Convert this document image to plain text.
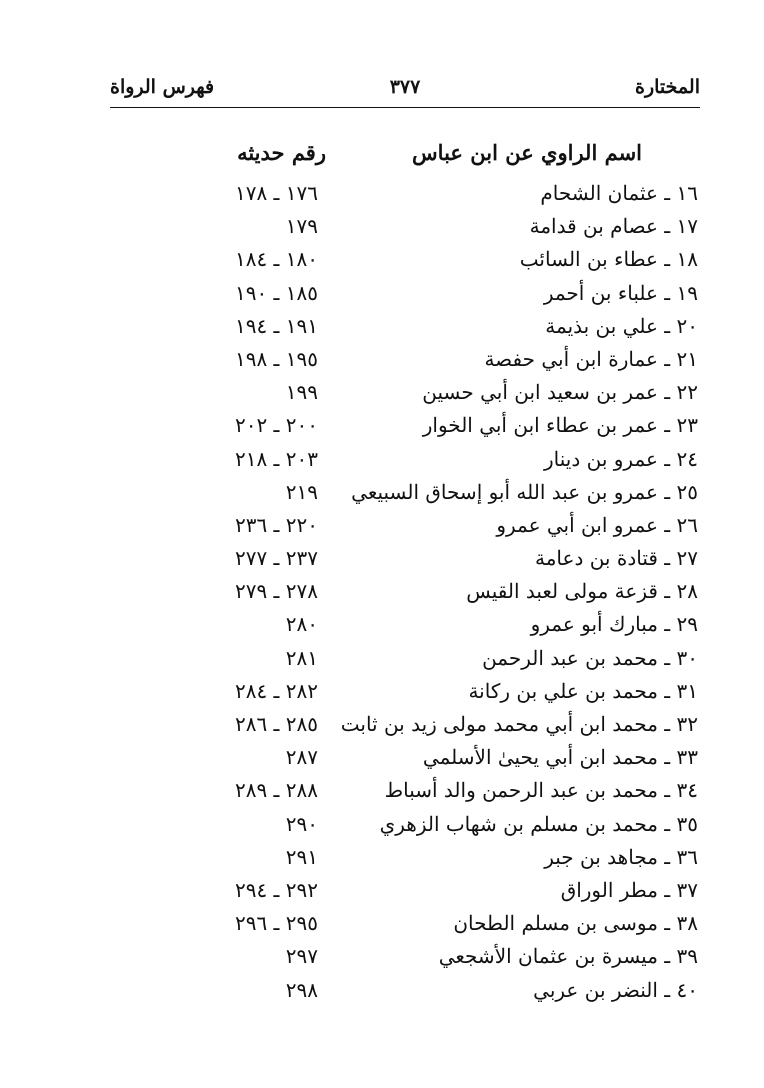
المختارة
٣٧٧
فهرس الرواة
اسم الراوي عن ابن عباس
رقم حديثه
١٦ ـ عثمان الشحام
١٧٦ ـ ١٧٨
١٧ ـ عصام بن قدامة
١٧٩
١٨ ـ عطاء بن السائب
١٨٠ ـ ١٨٤
١٩ ـ علباء بن أحمر
١٨٥ ـ ١٩٠
٢٠ ـ علي بن بذيمة
١٩١ ـ ١٩٤
٢١ ـ عمارة ابن أبي حفصة
١٩٥ ـ ١٩٨
٢٢ ـ عمر بن سعيد ابن أبي حسين
١٩٩
٢٣ ـ عمر بن عطاء ابن أبي الخوار
٢٠٠ ـ ٢٠٢
٢٤ ـ عمرو بن دينار
٢٠٣ ـ ٢١٨
٢٥ ـ عمرو بن عبد الله أبو إسحاق السبيعي
٢١٩
٢٦ ـ عمرو ابن أبي عمرو
٢٢٠ ـ ٢٣٦
٢٧ ـ قتادة بن دعامة
٢٣٧ ـ ٢٧٧
٢٨ ـ قزعة مولى لعبد القيس
٢٧٨ ـ ٢٧٩
٢٩ ـ مبارك أبو عمرو
٢٨٠
٣٠ ـ محمد بن عبد الرحمن
٢٨١
٣١ ـ محمد بن علي بن ركانة
٢٨٢ ـ ٢٨٤
٣٢ ـ محمد ابن أبي محمد مولى زيد بن ثابت
٢٨٥ ـ ٢٨٦
٣٣ ـ محمد ابن أبي يحيىٰ الأسلمي
٢٨٧
٣٤ ـ محمد بن عبد الرحمن والد أسباط
٢٨٨ ـ ٢٨٩
٣٥ ـ محمد بن مسلم بن شهاب الزهري
٢٩٠
٣٦ ـ مجاهد بن جبر
٢٩١
٣٧ ـ مطر الوراق
٢٩٢ ـ ٢٩٤
٣٨ ـ موسى بن مسلم الطحان
٢٩٥ ـ ٢٩٦
٣٩ ـ ميسرة بن عثمان الأشجعي
٢٩٧
٤٠ ـ النضر بن عربي
٢٩٨
